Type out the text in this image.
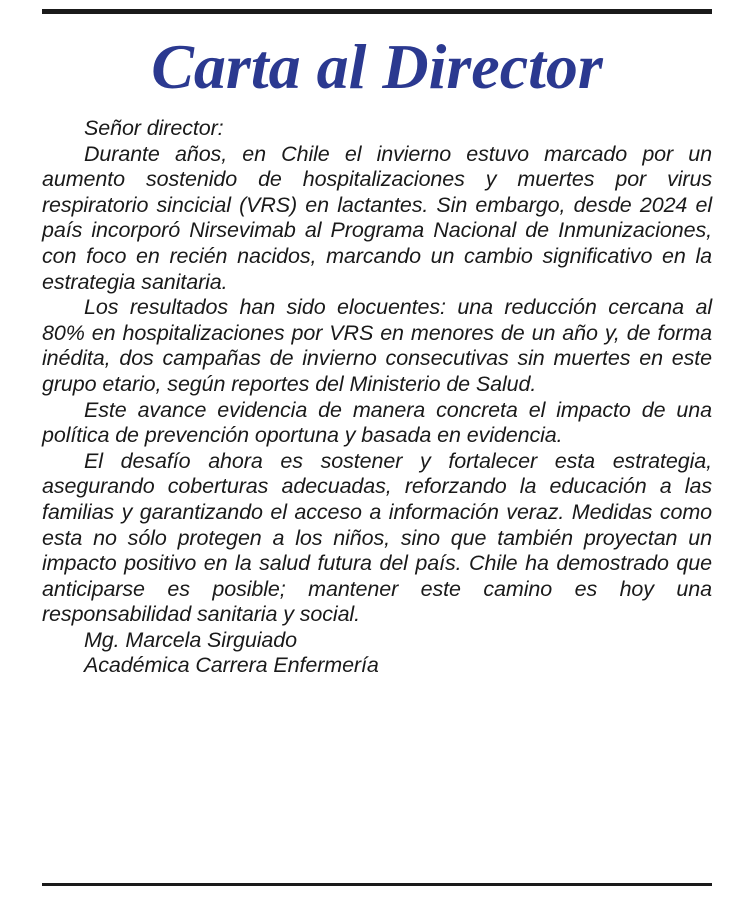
Carta al Director

Señor director:

Durante años, en Chile el invierno estuvo marcado por un aumento sostenido de hospitalizaciones y muertes por virus respiratorio sincicial (VRS) en lactantes. Sin embargo, desde 2024 el país incorporó Nirsevimab al Programa Nacional de Inmunizaciones, con foco en recién nacidos, marcando un cambio significativo en la estrategia sanitaria.

Los resultados han sido elocuentes: una reducción cercana al 80% en hospitalizaciones por VRS en menores de un año y, de forma inédita, dos campañas de invierno consecutivas sin muertes en este grupo etario, según reportes del Ministerio de Salud.

Este avance evidencia de manera concreta el impacto de una política de prevención oportuna y basada en evidencia.

El desafío ahora es sostener y fortalecer esta estrategia, asegurando coberturas adecuadas, reforzando la educación a las familias y garantizando el acceso a información veraz. Medidas como esta no sólo protegen a los niños, sino que también proyectan un impacto positivo en la salud futura del país. Chile ha demostrado que anticiparse es posible; mantener este camino es hoy una responsabilidad sanitaria y social.

Mg. Marcela Sirguiado

Académica Carrera Enfermería
